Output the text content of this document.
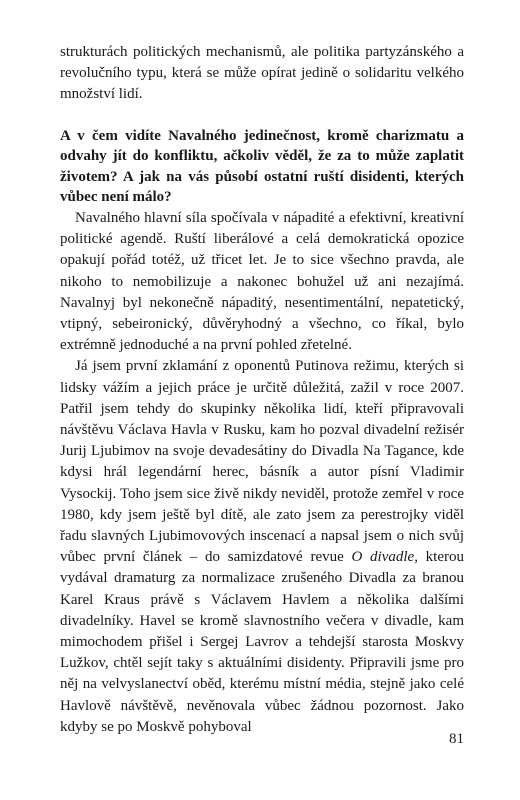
strukturách politických mechanismů, ale politika partyzánského a revolučního typu, která se může opírat jedině o solidaritu velkého množství lidí.

A v čem vidíte Navalného jedinečnost, kromě charizmatu a odvahy jít do konfliktu, ačkoliv věděl, že za to může zaplatit životem? A jak na vás působí ostatní ruští disidenti, kterých vůbec není málo?

Navalného hlavní síla spočívala v nápadité a efektivní, kreativní politické agendě. Ruští liberálové a celá demokratická opozice opakují pořád totéž, už třicet let. Je to sice všechno pravda, ale nikoho to nemobilizuje a nakonec bohužel už ani nezajímá. Navalnyj byl nekonečně nápaditý, nesentimentální, nepatetický, vtipný, sebeironický, důvěryhodný a všechno, co říkal, bylo extrémně jednoduché a na první pohled zřetelné.

Já jsem první zklamání z oponentů Putinova režimu, kterých si lidsky vážím a jejich práce je určitě důležitá, zažil v roce 2007. Patřil jsem tehdy do skupinky několika lidí, kteří připravovali návštěvu Václava Havla v Rusku, kam ho pozval divadelní režisér Jurij Ljubimov na svoje devadesátiny do Divadla Na Tagance, kde kdysi hrál legendární herec, básník a autor písní Vladimir Vysockij. Toho jsem sice živě nikdy neviděl, protože zemřel v roce 1980, kdy jsem ještě byl dítě, ale zato jsem za perestrojky viděl řadu slavných Ljubimovových inscenací a napsal jsem o nich svůj vůbec první článek – do samizdatové revue O divadle, kterou vydával dramaturg za normalizace zrušeného Divadla za branou Karel Kraus právě s Václavem Havlem a několika dalšími divadelníky. Havel se kromě slavnostního večera v divadle, kam mimochodem přišel i Sergej Lavrov a tehdejší starosta Moskvy Lužkov, chtěl sejít taky s aktuálními disidenty. Připravili jsme pro něj na velvyslanectví oběd, kterému místní média, stejně jako celé Havlově návštěvě, nevěnovala vůbec žádnou pozornost. Jako kdyby se po Moskvě pohyboval

81
